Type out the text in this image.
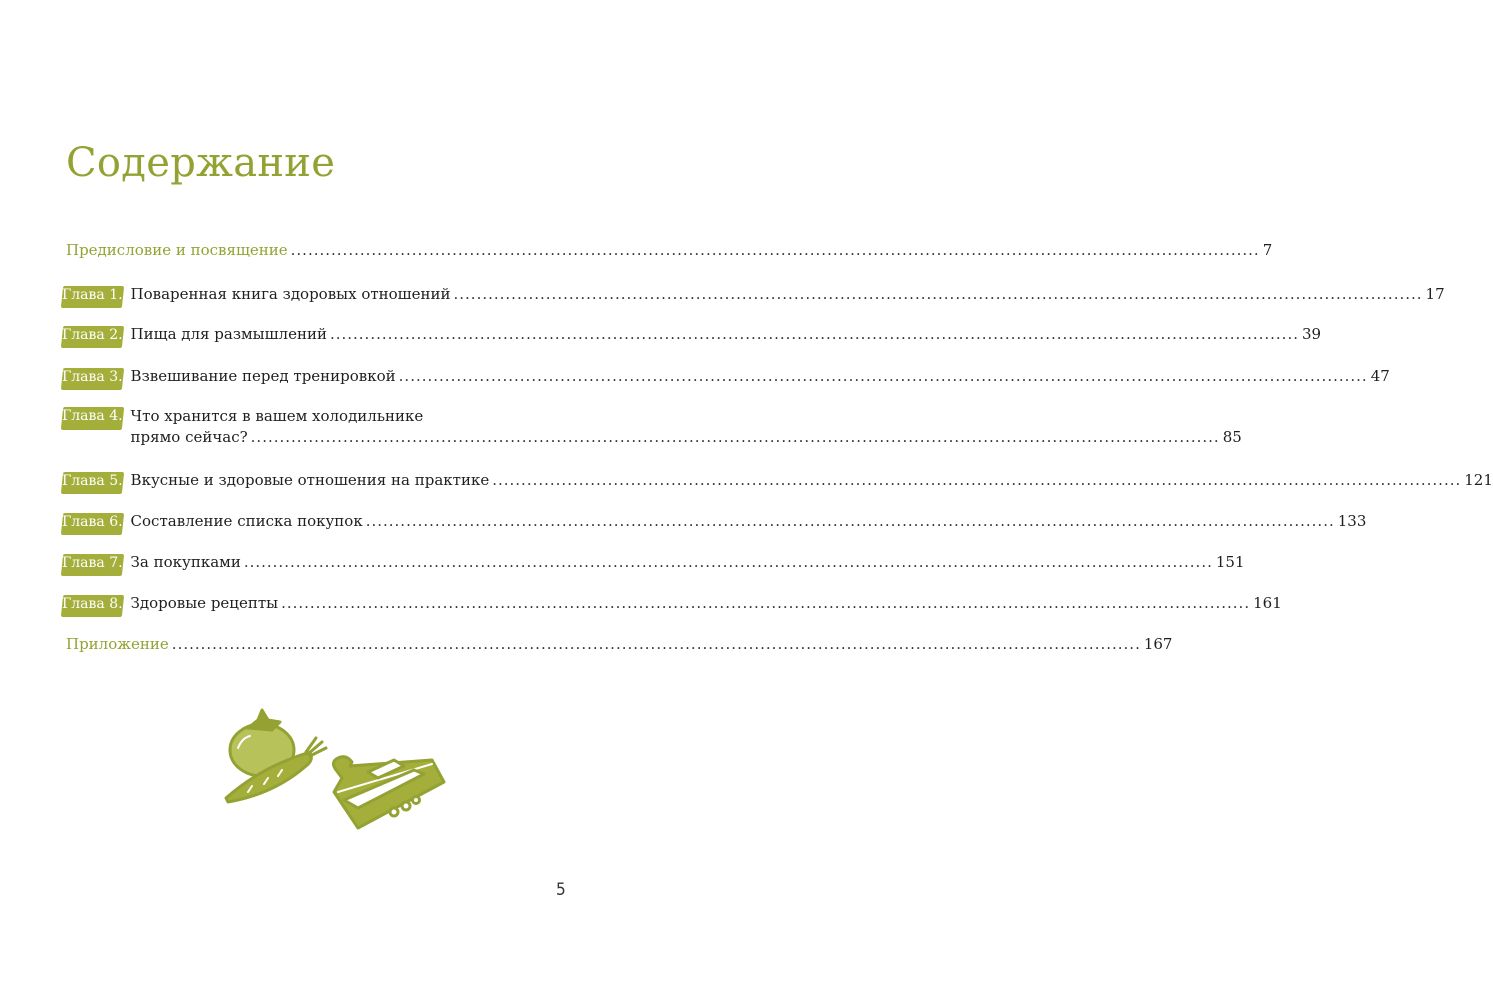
Содержание
Предисловие и посвящение .....	7
Глава 1. Поваренная книга здоровых отношений .....	17
Глава 2. Пища для размышлений .....	39
Глава 3. Взвешивание перед тренировкой .....	47
Глава 4. Что хранится в вашем холодильнике
прямо сейчас? .....	85
Глава 5. Вкусные и здоровые отношения на практике .....	121
Глава 6. Составление списка покупок .....	133
Глава 7. За покупками .....	151
Глава 8. Здоровые рецепты .....	161
Приложение .....	167
5
